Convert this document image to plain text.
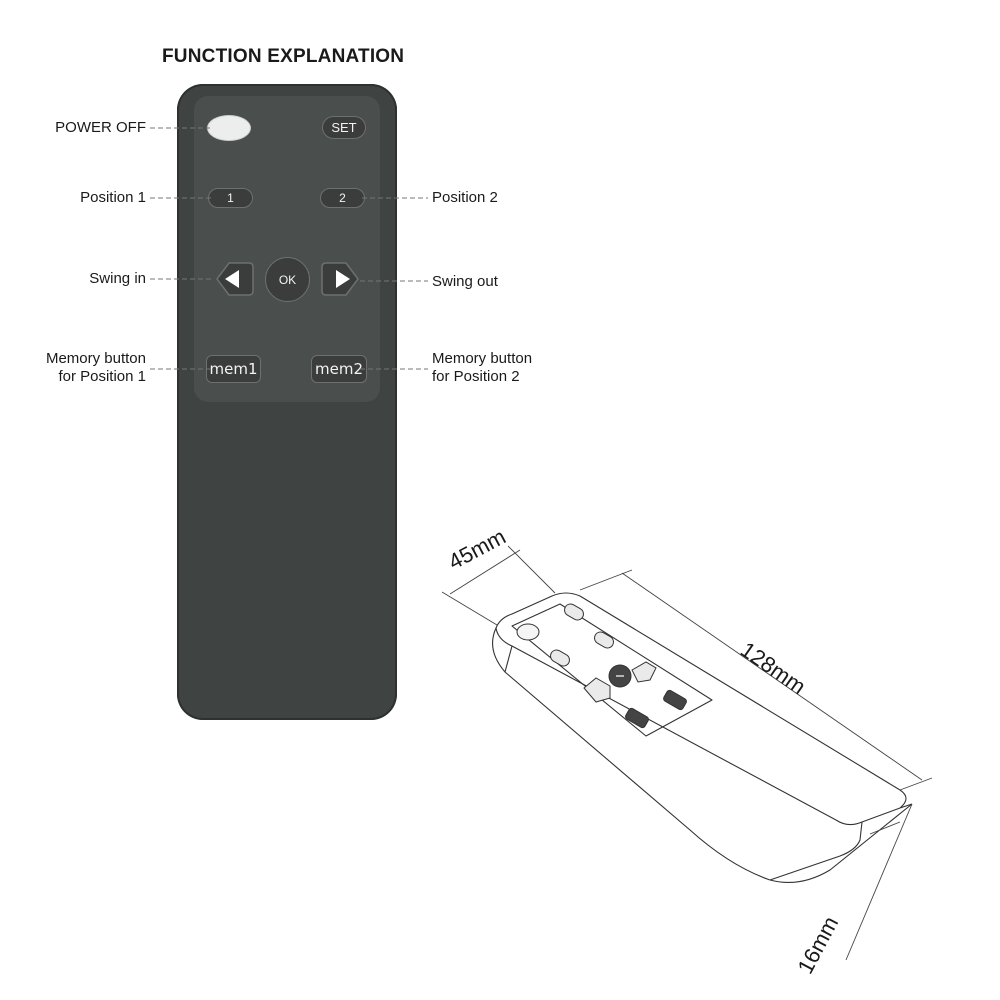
FUNCTION EXPLANATION
SET
1	2
OK
mem1	mem2
POWER OFF
Position 1
Swing in
Memory button
for Position 1
Position 2
Swing out
Memory button
for Position 2
45mm
128mm
16mm
